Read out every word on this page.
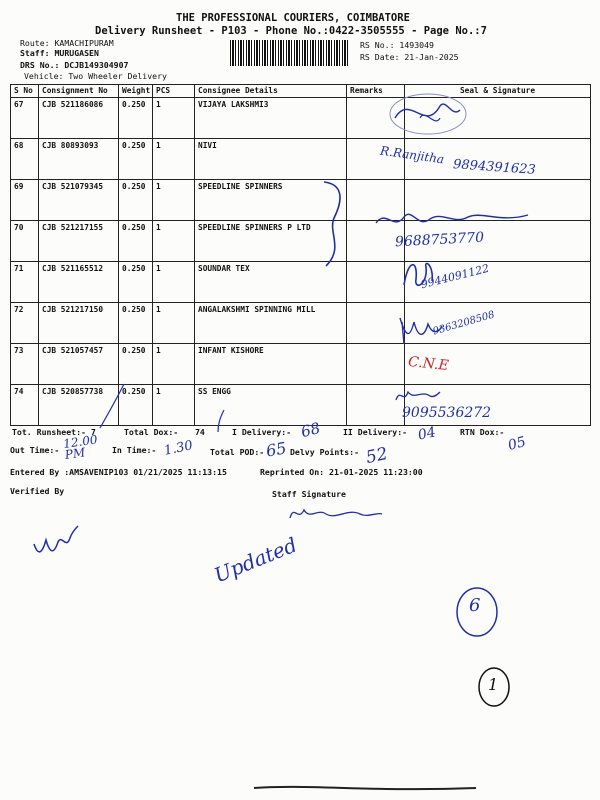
THE PROFESSIONAL COURIERS, COIMBATORE
Delivery Runsheet - P103 - Phone No.:0422-3505555 - Page No.:7
Route: KAMACHIPURAM
Staff: MURUGASEN
DRS No.: DCJB149304907
Vehicle: Two Wheeler Delivery
RS No.: 1493049
RS Date: 21-Jan-2025
S No	Consignment No	Weight	PCS	Consignee Details	Remarks	Seal & Signature
67	CJB 521186086	0.250	1	VIJAYA LAKSHMI3		
68	CJB 80893093	0.250	1	NIVI		
69	CJB 521079345	0.250	1	SPEEDLINE SPINNERS		
70	CJB 521217155	0.250	1	SPEEDLINE SPINNERS P LTD		
71	CJB 521165512	0.250	1	SOUNDAR TEX		
72	CJB 521217150	0.250	1	ANGALAKSHMI SPINNING MILL		
73	CJB 521057457	0.250	1	INFANT KISHORE		
74	CJB 520857738	0.250	1	SS ENGG		
Tot. Runsheet:- 7	Total Dox:- 74	I Delivery:-	II Delivery:-	RTN Dox:-
Out Time:-	In Time:-	Total POD:-	Delvy Points:-
Entered By :AMSAVENIP103 01/21/2025 11:13:15	Reprinted On: 21-01-2025 11:23:00
Verified By	Staff Signature
R.Ranjitha
9894391623
9688753770
9944091122
9363208508
C.N.E
9095536272
68	04	05
12.00 PM	1.30	65	52
Updated
6
1
